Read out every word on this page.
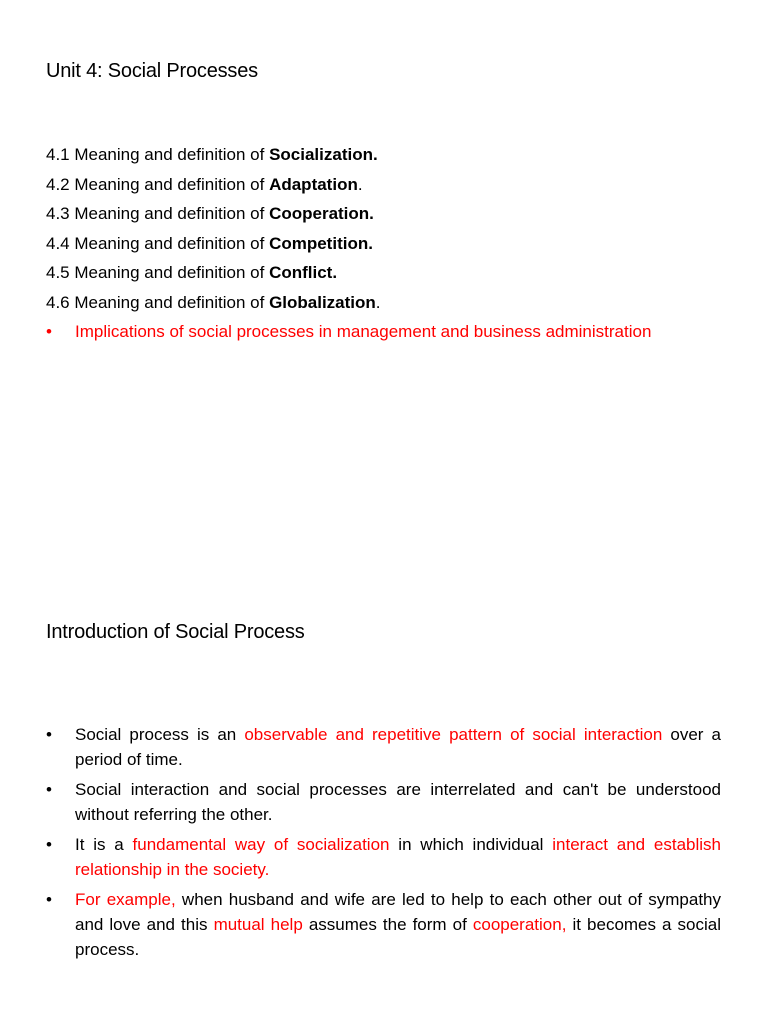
Unit 4: Social Processes
4.1 Meaning and definition of Socialization.
4.2 Meaning and definition of Adaptation.
4.3 Meaning and definition of Cooperation.
4.4 Meaning and definition of Competition.
4.5 Meaning and definition of Conflict.
4.6 Meaning and definition of Globalization.
•	Implications of social processes in management and business administration
Introduction of Social Process
•	Social process is an observable and repetitive pattern of social interaction over a period of time.
•	Social interaction and social processes are interrelated and can't be understood without referring the other.
•	It is a fundamental way of socialization in which individual interact and establish relationship in the society.
•	For example, when husband and wife are led to help to each other out of sympathy and love and this mutual help assumes the form of cooperation, it becomes a social process.
